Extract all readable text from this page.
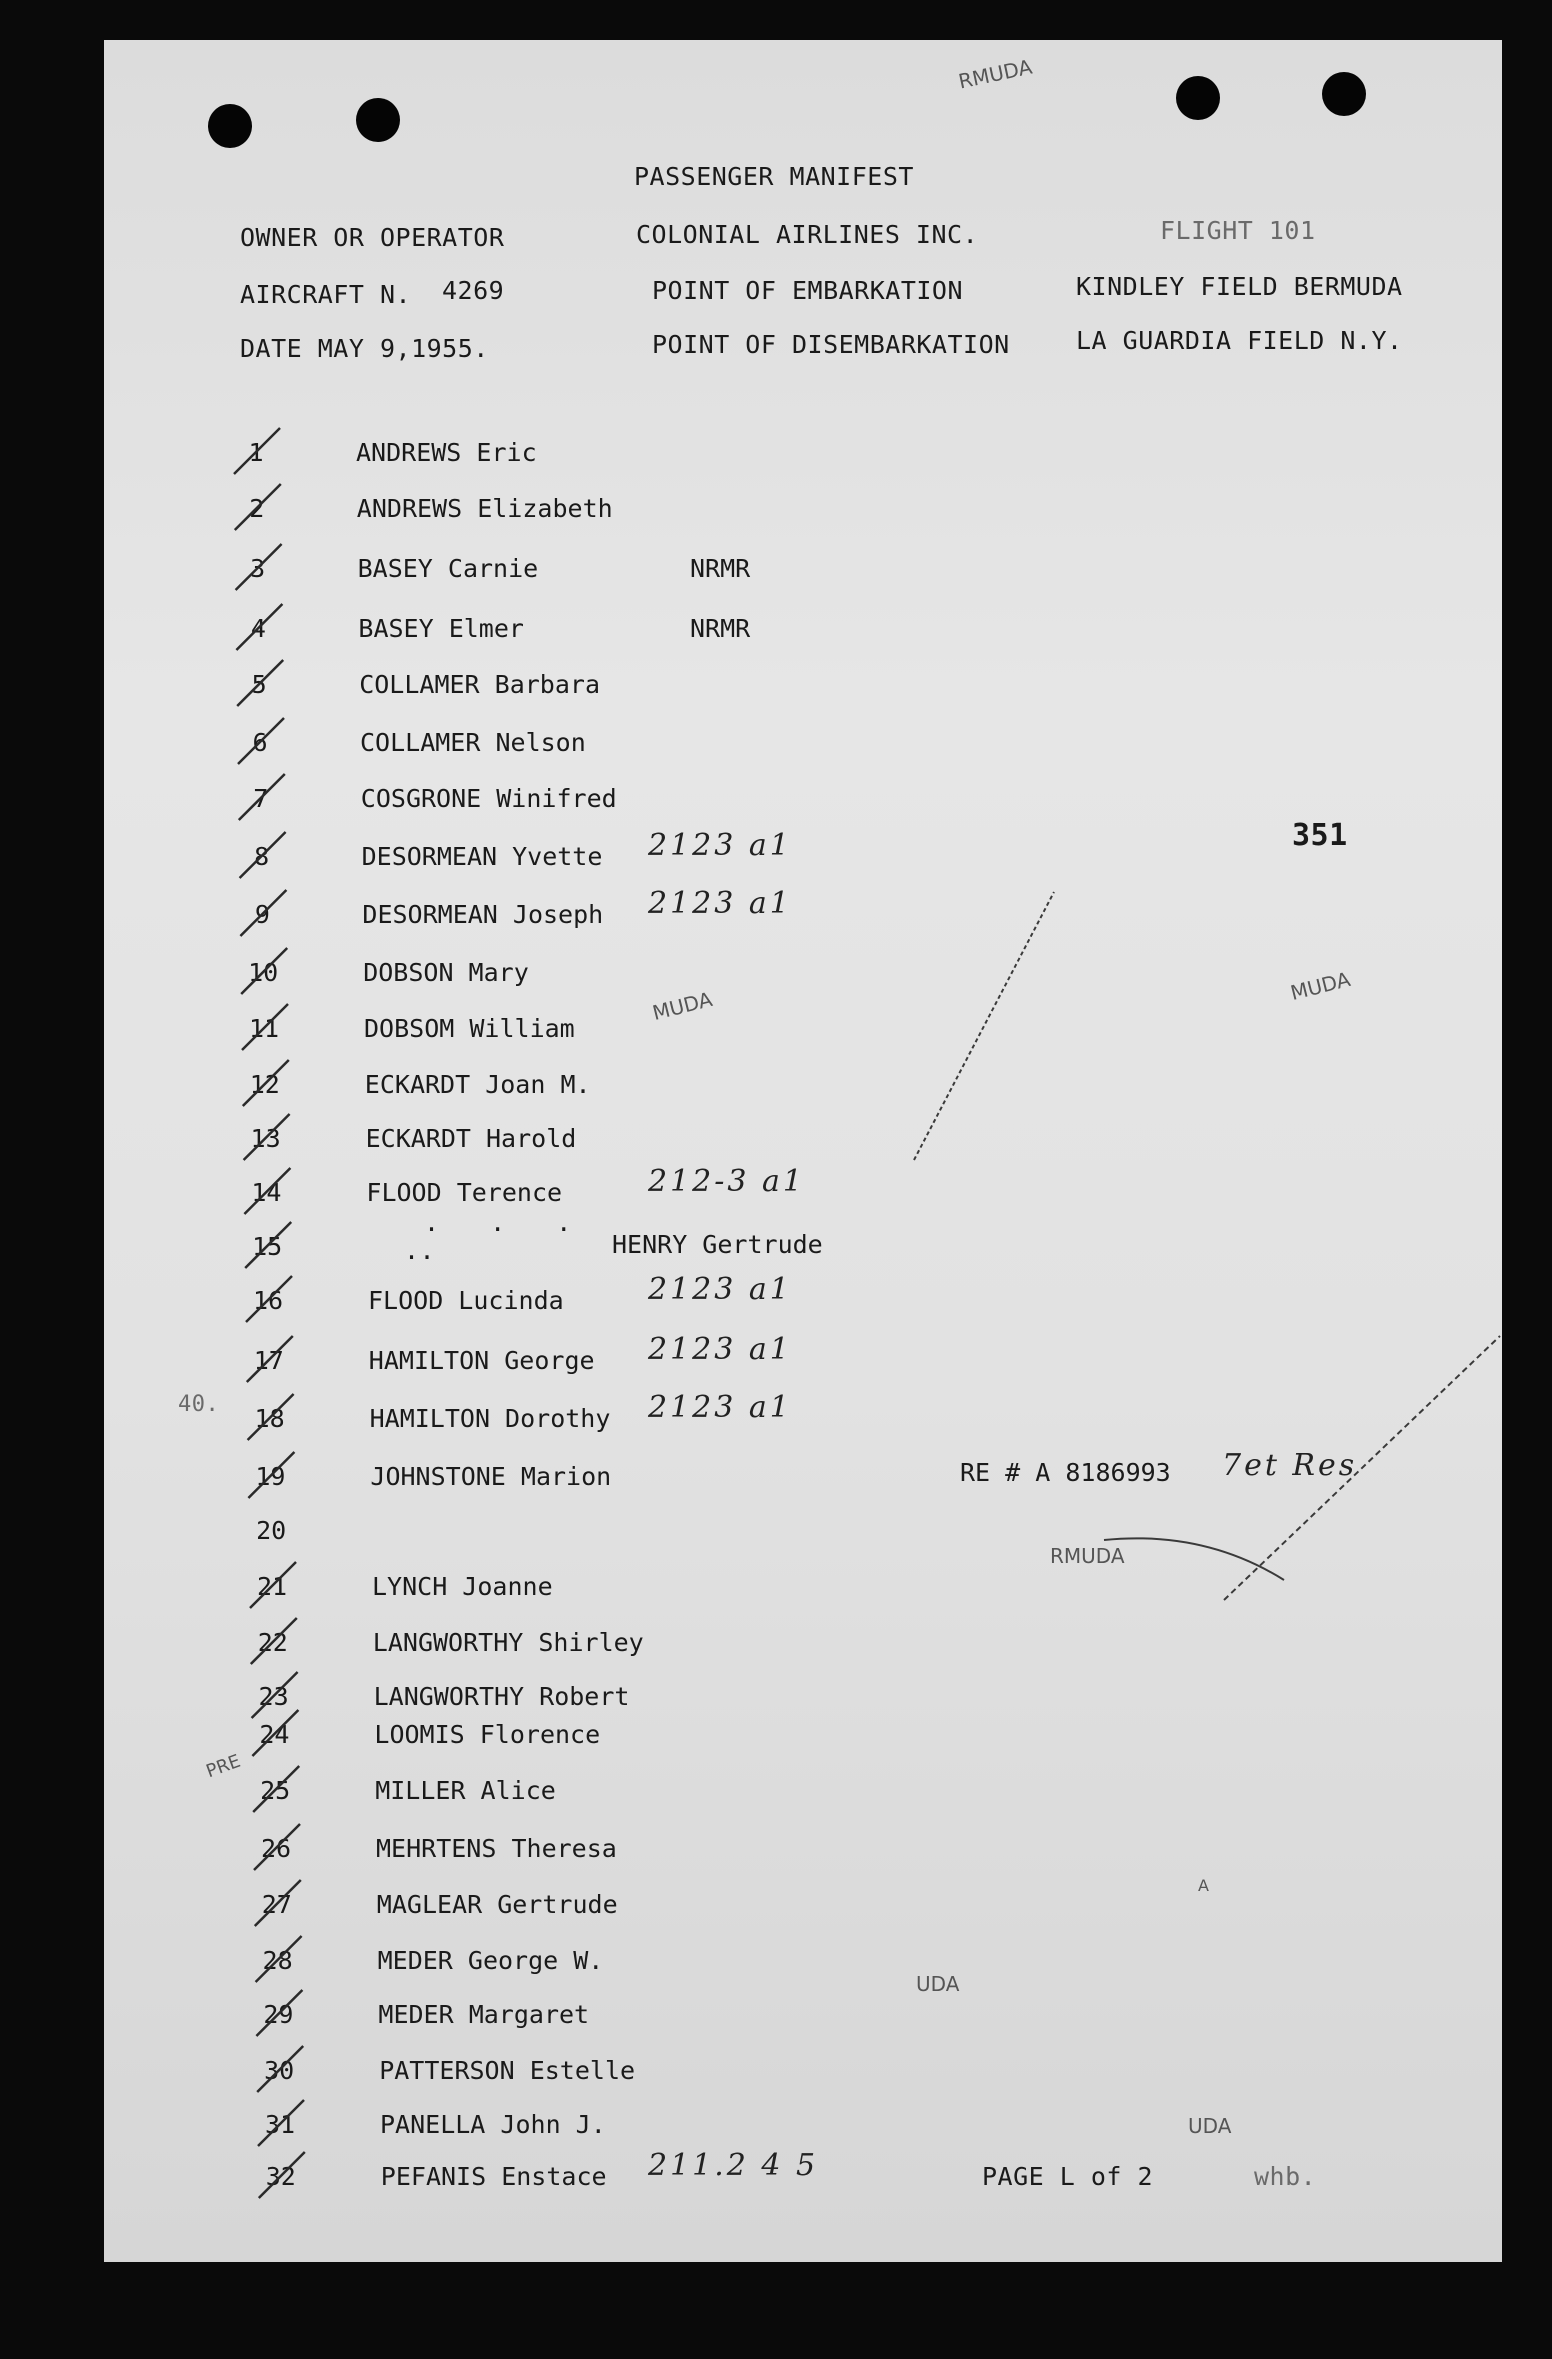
RMUDA
PASSENGER MANIFEST
OWNER OR OPERATOR	COLONIAL AIRLINES INC.	FLIGHT 101
AIRCRAFT N. 4269	POINT OF EMBARKATION	KINDLEY FIELD BERMUDA
DATE MAY 9,1955.	POINT OF DISEMBARKATION	LA GUARDIA FIELD N.Y.
1	ANDREWS Eric
2	ANDREWS Elizabeth
3	BASEY Carnie	NRMR
4	BASEY Elmer	NRMR
5	COLLAMER Barbara
6	COLLAMER Nelson
7	COSGRONE Winifred
8	DESORMEAN Yvette 2123 a1
9	DESORMEAN Joseph 2123 a1
10	DOBSON Mary
11	DOBSOM William
12	ECKARDT Joan M.
13	ECKARDT Harold
14	FLOOD Terence	212-3 a1
15	HENRY Gertrude
16	FLOOD Lucinda	2123 a1
17	HAMILTON George 2123 a1
18	HAMILTON Dorothy 2123 a1
19	JOHNSTONE Marion	RE # A 8186993 7et Res
20
21	LYNCH Joanne
22	LANGWORTHY Shirley
23	LANGWORTHY Robert
24	LOOMIS Florence
25	MILLER Alice
26	MEHRTENS Theresa
27	MAGLEAR Gertrude
28	MEDER George W.
29	MEDER Margaret
30	PATTERSON Estelle
31	PANELLA John J.
32	PEFANIS Enstace 211.2 4 5
351
MUDA
MUDA
RMUDA
UDA
UDA
PRE
A
. . .
..
40.
PAGE L of 2	whb.
